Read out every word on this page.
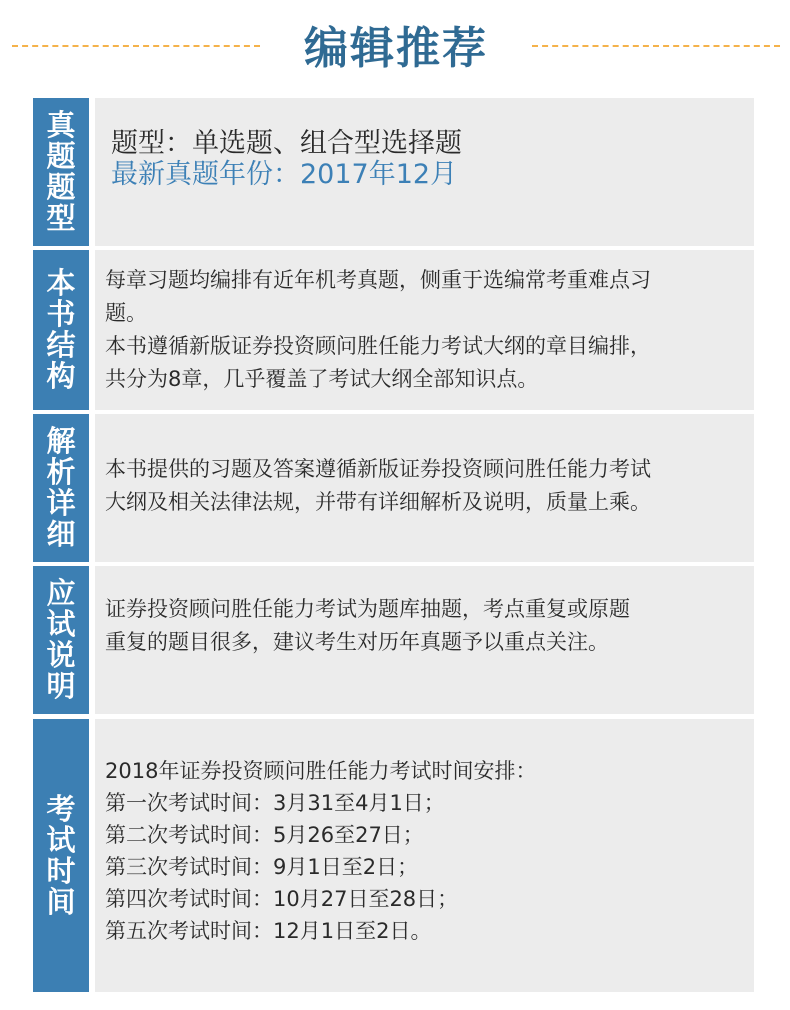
编辑推荐
真题题型
题型：单选题、组合型选择题
最新真题年份：2017年12月
本书结构
每章习题均编排有近年机考真题，侧重于选编常考重难点习
题。
本书遵循新版证券投资顾问胜任能力考试大纲的章目编排，
共分为8章，几乎覆盖了考试大纲全部知识点。
解析详细
本书提供的习题及答案遵循新版证券投资顾问胜任能力考试
大纲及相关法律法规，并带有详细解析及说明，质量上乘。
应试说明
证券投资顾问胜任能力考试为题库抽题，考点重复或原题
重复的题目很多，建议考生对历年真题予以重点关注。
考试时间
2018年证券投资顾问胜任能力考试时间安排：
第一次考试时间：3月31至4月1日；
第二次考试时间：5月26至27日；
第三次考试时间：9月1日至2日；
第四次考试时间：10月27日至28日；
第五次考试时间：12月1日至2日。
